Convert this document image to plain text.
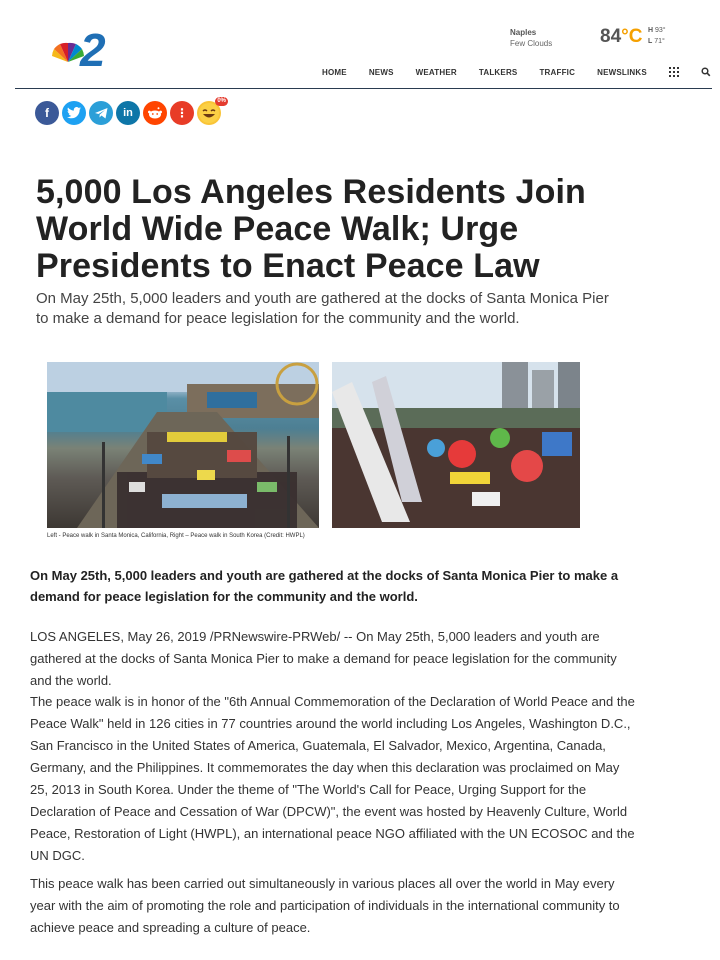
2	Naples
Few Clouds	84°C H 93°
L 71°
HOME	NEWS	WEATHER	TALKERS	TRAFFIC	NEWSLINKS
f	in	⋮
0%
5,000 Los Angeles Residents Join World Wide Peace Walk; Urge Presidents to Enact Peace Law

On May 25th, 5,000 leaders and youth are gathered at the docks of Santa Monica Pier to make a demand for peace legislation for the community and the world.

Left - Peace walk in Santa Monica, California, Right – Peace walk in South Korea (Credit: HWPL)

On May 25th, 5,000 leaders and youth are gathered at the docks of Santa Monica Pier to make a demand for peace legislation for the community and the world.

LOS ANGELES, May 26, 2019 /PRNewswire-PRWeb/ -- On May 25th, 5,000 leaders and youth are gathered at the docks of Santa Monica Pier to make a demand for peace legislation for the community and the world.

The peace walk is in honor of the "6th Annual Commemoration of the Declaration of World Peace and the Peace Walk" held in 126 cities in 77 countries around the world including Los Angeles, Washington D.C., San Francisco in the United States of America, Guatemala, El Salvador, Mexico, Argentina, Canada, Germany, and the Philippines. It commemorates the day when this declaration was proclaimed on May 25, 2013 in South Korea. Under the theme of "The World's Call for Peace, Urging Support for the Declaration of Peace and Cessation of War (DPCW)", the event was hosted by Heavenly Culture, World Peace, Restoration of Light (HWPL), an international peace NGO affiliated with the UN ECOSOC and the UN DGC.

This peace walk has been carried out simultaneously in various places all over the world in May every year with the aim of promoting the role and participation of individuals in the international community to achieve peace and spreading a culture of peace.
